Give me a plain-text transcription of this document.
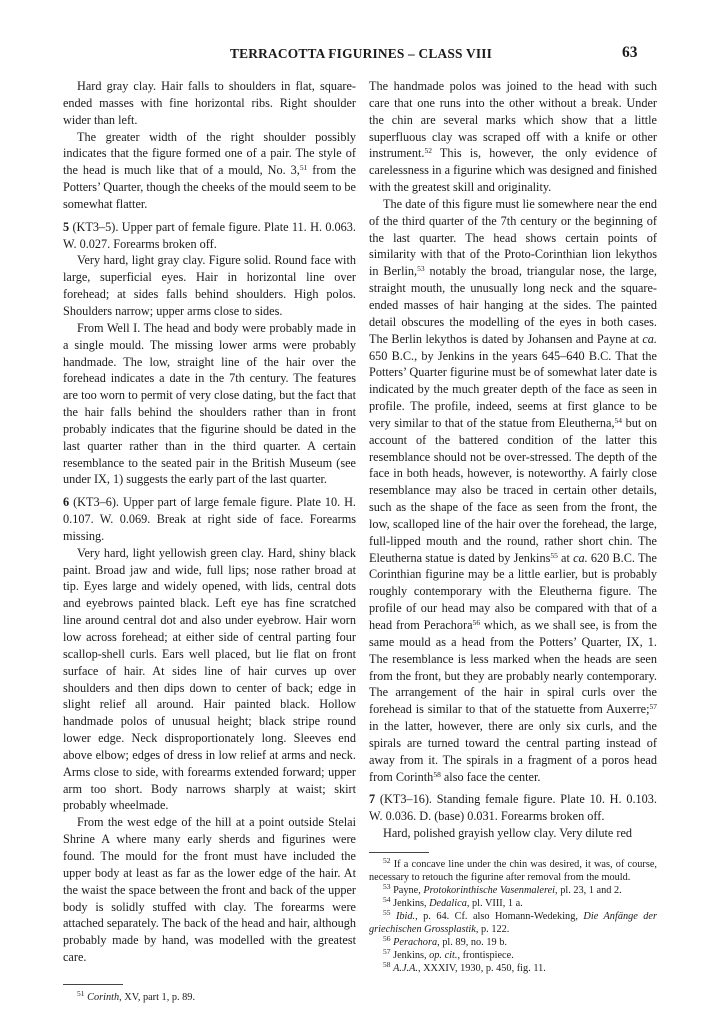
TERRACOTTA FIGURINES – CLASS VIII	63

Hard gray clay. Hair falls to shoulders in flat, square-ended masses with fine horizontal ribs. Right shoulder wider than left.

The greater width of the right shoulder possibly indicates that the figure formed one of a pair. The style of the head is much like that of a mould, No. 3,51 from the Potters’ Quarter, though the cheeks of the mould seem to be somewhat flatter.

5 (KT3–5). Upper part of female figure. Plate 11. H. 0.063. W. 0.027. Forearms broken off.

Very hard, light gray clay. Figure solid. Round face with large, superficial eyes. Hair in horizontal line over forehead; at sides falls behind shoulders. High polos. Shoulders narrow; upper arms close to sides.

From Well I. The head and body were probably made in a single mould. The missing lower arms were probably handmade. The low, straight line of the hair over the forehead indicates a date in the 7th century. The features are too worn to permit of very close dating, but the fact that the hair falls behind the shoulders rather than in front probably indicates that the figurine should be dated in the last quarter rather than in the third quarter. A certain resemblance to the seated pair in the British Museum (see under IX, 1) suggests the early part of the last quarter.

6 (KT3–6). Upper part of large female figure. Plate 10. H. 0.107. W. 0.069. Break at right side of face. Forearms missing.

Very hard, light yellowish green clay. Hard, shiny black paint. Broad jaw and wide, full lips; nose rather broad at tip. Eyes large and widely opened, with lids, central dots and eyebrows painted black. Left eye has fine scratched line around central dot and also under eyebrow. Hair worn low across forehead; at either side of central parting four scallop-shell curls. Ears well placed, but lie flat on front surface of hair. At sides line of hair curves up over shoulders and then dips down to center of back; edge in slight relief all around. Hair painted black. Hollow handmade polos of unusual height; black stripe round lower edge. Neck disproportionately long. Sleeves end above elbow; edges of dress in low relief at arms and neck. Arms close to side, with forearms extended forward; upper arm too short. Body narrows sharply at waist; skirt probably wheelmade.

From the west edge of the hill at a point outside Stelai Shrine A where many early sherds and figurines were found. The mould for the front must have included the upper body at least as far as the lower edge of the hair. At the waist the space between the front and back of the upper body is solidly stuffed with clay. The forearms were attached separately. The back of the head and hair, although probably made by hand, was modelled with the greatest care.

$^{51}$ Corinth, XV, part 1, p. 89.

The handmade polos was joined to the head with such care that one runs into the other without a break. Under the chin are several marks which show that a little superfluous clay was scraped off with a knife or other instrument.$^{52}$ This is, however, the only evidence of carelessness in a figurine which was designed and finished with the greatest skill and originality.

The date of this figure must lie somewhere near the end of the third quarter of the 7th century or the beginning of the last quarter. The head shows certain points of similarity with that of the Proto-Corinthian lion lekythos in Berlin,$^{53}$ notably the broad, triangular nose, the large, straight mouth, the unusually long neck and the square-ended masses of hair hanging at the sides. The painted detail obscures the modelling of the eyes in both cases. The Berlin lekythos is dated by Johansen and Payne at ca. 650 B.C., by Jenkins in the years 645–640 B.C. That the Potters’ Quarter figurine must be of somewhat later date is indicated by the much greater depth of the face as seen in profile. The profile, indeed, seems at first glance to be very similar to that of the statue from Eleutherna,$^{54}$ but on account of the battered condition of the latter this resemblance should not be over-stressed. The depth of the face in both heads, however, is noteworthy. A fairly close resemblance may also be traced in certain other details, such as the shape of the face as seen from the front, the low, scalloped line of the hair over the forehead, the large, full-lipped mouth and the round, rather short chin. The Eleutherna statue is dated by Jenkins$^{55}$ at ca. 620 B.C. The Corinthian figurine may be a little earlier, but is probably roughly contemporary with the Eleutherna figure. The profile of our head may also be compared with that of a head from Perachora$^{56}$ which, as we shall see, is from the same mould as a head from the Potters’ Quarter, IX, 1. The resemblance is less marked when the heads are seen from the front, but they are probably nearly contemporary. The arrangement of the hair in spiral curls over the forehead is similar to that of the statuette from Auxerre;$^{57}$ in the latter, however, there are only six curls, and the spirals are turned toward the central parting instead of away from it. The spirals in a fragment of a poros head from Corinth$^{58}$ also face the center.

7 (KT3–16). Standing female figure. Plate 10. H. 0.103. W. 0.036. D. (base) 0.031. Forearms broken off.

Hard, polished grayish yellow clay. Very dilute red

$^{52}$ If a concave line under the chin was desired, it was, of course, necessary to retouch the figurine after removal from the mould.

$^{53}$ Payne, Protokorinthische Vasenmalerei, pl. 23, 1 and 2.

$^{54}$ Jenkins, Dedalica, pl. VIII, 1 a.

$^{55}$ Ibid., p. 64. Cf. also Homann-Wedeking, Die Anfänge der griechischen Grossplastik, p. 122.

$^{56}$ Perachora, pl. 89, no. 19 b.

$^{57}$ Jenkins, op. cit., frontispiece.

$^{58}$ A.J.A., XXXIV, 1930, p. 450, fig. 11.
